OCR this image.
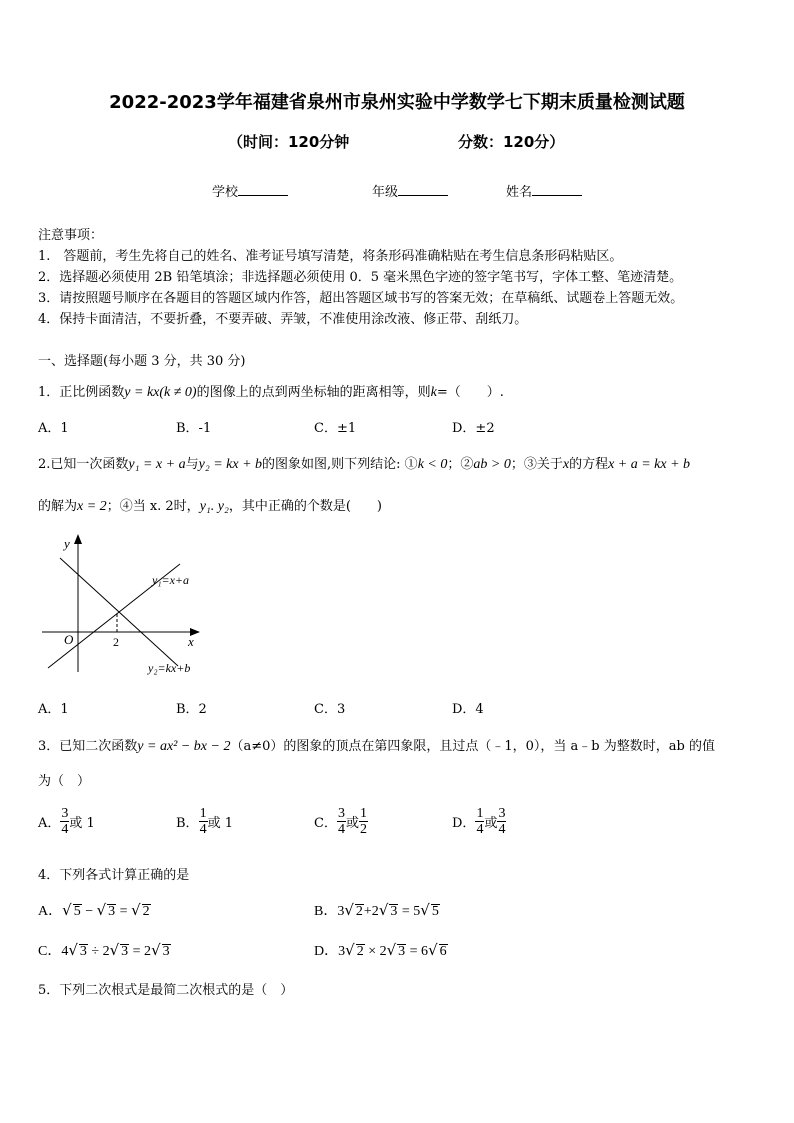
2022-2023学年福建省泉州市泉州实验中学数学七下期末质量检测试题
（时间：120分钟	分数：120分）
学校	年级	姓名
注意事项：
1.　答题前，考生先将自己的姓名、准考证号填写清楚，将条形码准确粘贴在考生信息条形码粘贴区。
2．选择题必须使用 2B 铅笔填涂；非选择题必须使用 0．5 毫米黑色字迹的签字笔书写，字体工整、笔迹清楚。
3．请按照题号顺序在各题目的答题区域内作答，超出答题区域书写的答案无效；在草稿纸、试题卷上答题无效。
4．保持卡面清洁，不要折叠，不要弄破、弄皱，不准使用涂改液、修正带、刮纸刀。
一、选择题(每小题 3 分，共 30 分)
1．正比例函数y = kx(k ≠ 0)的图像上的点到两坐标轴的距离相等，则k=（　　）.
A．1	B．-1	C．±1	D．±2
2.已知一次函数y₁ = x + a与y₂ = kx + b的图象如图,则下列结论: ①k < 0；②ab > 0；③关于x的方程x + a = kx + b
的解为x = 2；④当 x. 2时，y₁. y₂，其中正确的个数是(　　)
y
x
O	2
y₁=x+a
y₂=kx+b
A．1	B．2	C．3	D．4
3．已知二次函数y = ax² − bx − 2（a≠0）的图象的顶点在第四象限，且过点（﹣1，0），当 a﹣b 为整数时，ab 的值
为（　）
A． $\frac{3}{4}$ 或 1	B． $\frac{1}{4}$ 或 1	C． $\frac{3}{4}$ 或 $\frac{1}{2}$	D． $\frac{1}{4}$ 或 $\frac{3}{4}$
4．下列各式计算正确的是
A．√ 5 − √ 3 = √ 2	B．3√ 2+2√ 3 = 5√ 5
C．4√ 3 ÷ 2√ 3 = 2√ 3	D．3√ 2 × 2√ 3 = 6√ 6
5．下列二次根式是最简二次根式的是（　）
